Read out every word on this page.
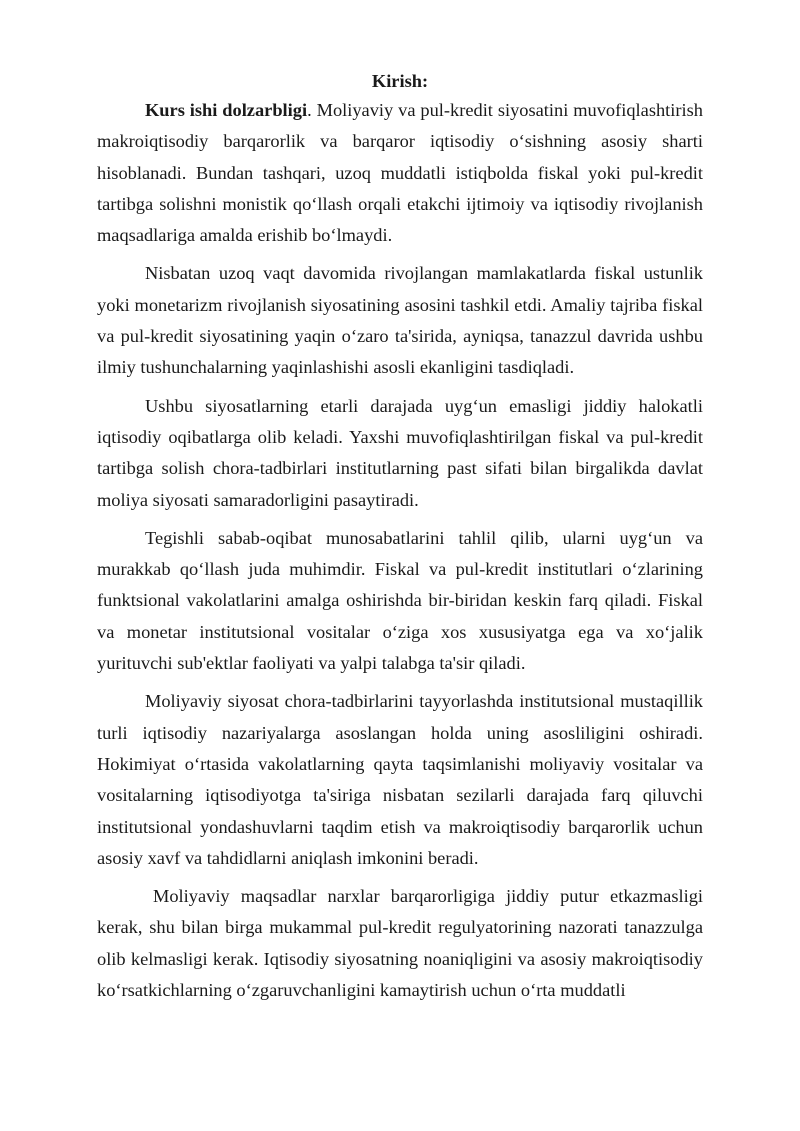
Kirish:

Kurs ishi dolzarbligi. Moliyaviy va pul-kredit siyosatini muvofiqlashtirish makroiqtisodiy barqarorlik va barqaror iqtisodiy o‘sishning asosiy sharti hisoblanadi. Bundan tashqari, uzoq muddatli istiqbolda fiskal yoki pul-kredit tartibga solishni monistik qo‘llash orqali etakchi ijtimoiy va iqtisodiy rivojlanish maqsadlariga amalda erishib bo‘lmaydi.

Nisbatan uzoq vaqt davomida rivojlangan mamlakatlarda fiskal ustunlik yoki monetarizm rivojlanish siyosatining asosini tashkil etdi. Amaliy tajriba fiskal va pul-kredit siyosatining yaqin o‘zaro ta'sirida, ayniqsa, tanazzul davrida ushbu ilmiy tushunchalarning yaqinlashishi asosli ekanligini tasdiqladi.

Ushbu siyosatlarning etarli darajada uyg‘un emasligi jiddiy halokatli iqtisodiy oqibatlarga olib keladi. Yaxshi muvofiqlashtirilgan fiskal va pul-kredit tartibga solish chora-tadbirlari institutlarning past sifati bilan birgalikda davlat moliya siyosati samaradorligini pasaytiradi.

Tegishli sabab-oqibat munosabatlarini tahlil qilib, ularni uyg‘un va murakkab qo‘llash juda muhimdir. Fiskal va pul-kredit institutlari o‘zlarining funktsional vakolatlarini amalga oshirishda bir-biridan keskin farq qiladi. Fiskal va monetar institutsional vositalar o‘ziga xos xususiyatga ega va xo‘jalik yurituvchi sub'ektlar faoliyati va yalpi talabga ta'sir qiladi.

Moliyaviy siyosat chora-tadbirlarini tayyorlashda institutsional mustaqillik turli iqtisodiy nazariyalarga asoslangan holda uning asosliligini oshiradi. Hokimiyat o‘rtasida vakolatlarning qayta taqsimlanishi moliyaviy vositalar va vositalarning iqtisodiyotga ta'siriga nisbatan sezilarli darajada farq qiluvchi institutsional yondashuvlarni taqdim etish va makroiqtisodiy barqarorlik uchun asosiy xavf va tahdidlarni aniqlash imkonini beradi.

Moliyaviy maqsadlar narxlar barqarorligiga jiddiy putur etkazmasligi kerak, shu bilan birga mukammal pul-kredit regulyatorining nazorati tanazzulga olib kelmasligi kerak. Iqtisodiy siyosatning noaniqligini va asosiy makroiqtisodiy ko‘rsatkichlarning o‘zgaruvchanligini kamaytirish uchun o‘rta muddatli
